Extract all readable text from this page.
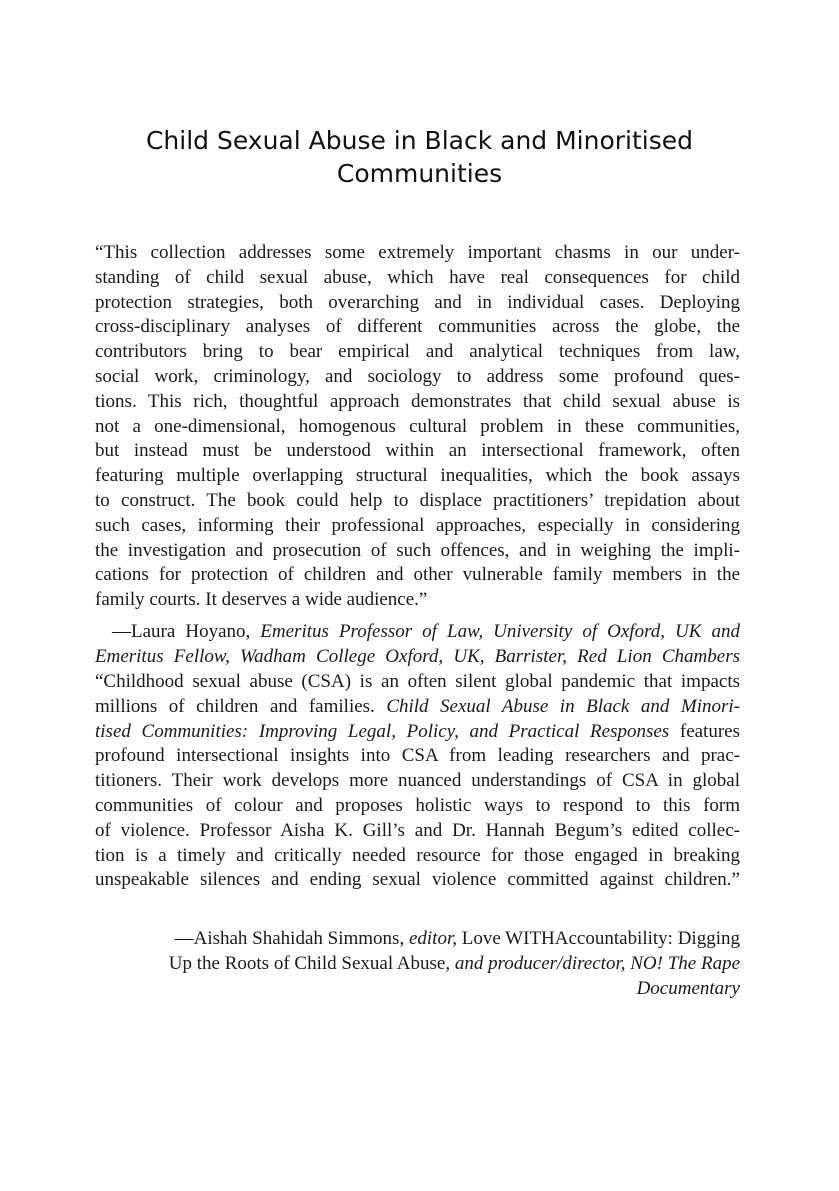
Child Sexual Abuse in Black and Minoritised
Communities
“This collection addresses some extremely important chasms in our under-
standing of child sexual abuse, which have real consequences for child
protection strategies, both overarching and in individual cases. Deploying
cross-disciplinary analyses of different communities across the globe, the
contributors bring to bear empirical and analytical techniques from law,
social work, criminology, and sociology to address some profound ques-
tions. This rich, thoughtful approach demonstrates that child sexual abuse is
not a one-dimensional, homogenous cultural problem in these communities,
but instead must be understood within an intersectional framework, often
featuring multiple overlapping structural inequalities, which the book assays
to construct. The book could help to displace practitioners’ trepidation about
such cases, informing their professional approaches, especially in considering
the investigation and prosecution of such offences, and in weighing the impli-
cations for protection of children and other vulnerable family members in the
family courts. It deserves a wide audience.”
—Laura Hoyano, Emeritus Professor of Law, University of Oxford, UK and
Emeritus Fellow, Wadham College Oxford, UK, Barrister, Red Lion Chambers
“Childhood sexual abuse (CSA) is an often silent global pandemic that impacts
millions of children and families. Child Sexual Abuse in Black and Minori-
tised Communities: Improving Legal, Policy, and Practical Responses features
profound intersectional insights into CSA from leading researchers and prac-
titioners. Their work develops more nuanced understandings of CSA in global
communities of colour and proposes holistic ways to respond to this form
of violence. Professor Aisha K. Gill’s and Dr. Hannah Begum’s edited collec-
tion is a timely and critically needed resource for those engaged in breaking
unspeakable silences and ending sexual violence committed against children.”
—Aishah Shahidah Simmons, editor, Love WITHAccountability: Digging
Up the Roots of Child Sexual Abuse, and producer/director, NO! The Rape
Documentary
